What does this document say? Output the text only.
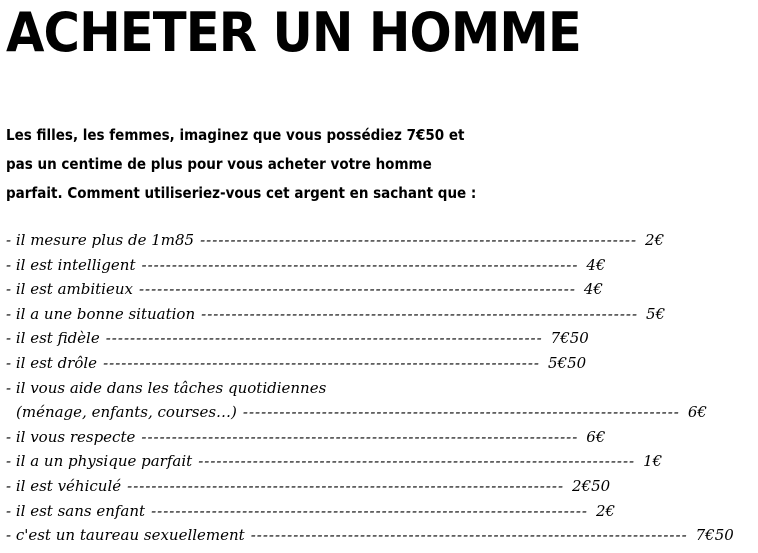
ACHETER UN HOMME
Les filles, les femmes, imaginez que vous possédiez 7€50 et
pas un centime de plus pour vous acheter votre homme
parfait. Comment utiliseriez-vous cet argent en sachant que :
- il mesure plus de 1m85 ------------------------------------------------------------------------ 2€
- il est intelligent ------------------------------------------------------------------------ 4€
- il est ambitieux ------------------------------------------------------------------------ 4€
- il a une bonne situation ------------------------------------------------------------------------ 5€
- il est fidèle ------------------------------------------------------------------------ 7€50
- il est drôle ------------------------------------------------------------------------ 5€50
- il vous aide dans les tâches quotidiennes
(ménage, enfants, courses…) ------------------------------------------------------------------------ 6€
- il vous respecte ------------------------------------------------------------------------ 6€
- il a un physique parfait ------------------------------------------------------------------------ 1€
- il est véhiculé ------------------------------------------------------------------------ 2€50
- il est sans enfant ------------------------------------------------------------------------ 2€
- c'est un taureau sexuellement ------------------------------------------------------------------------ 7€50
